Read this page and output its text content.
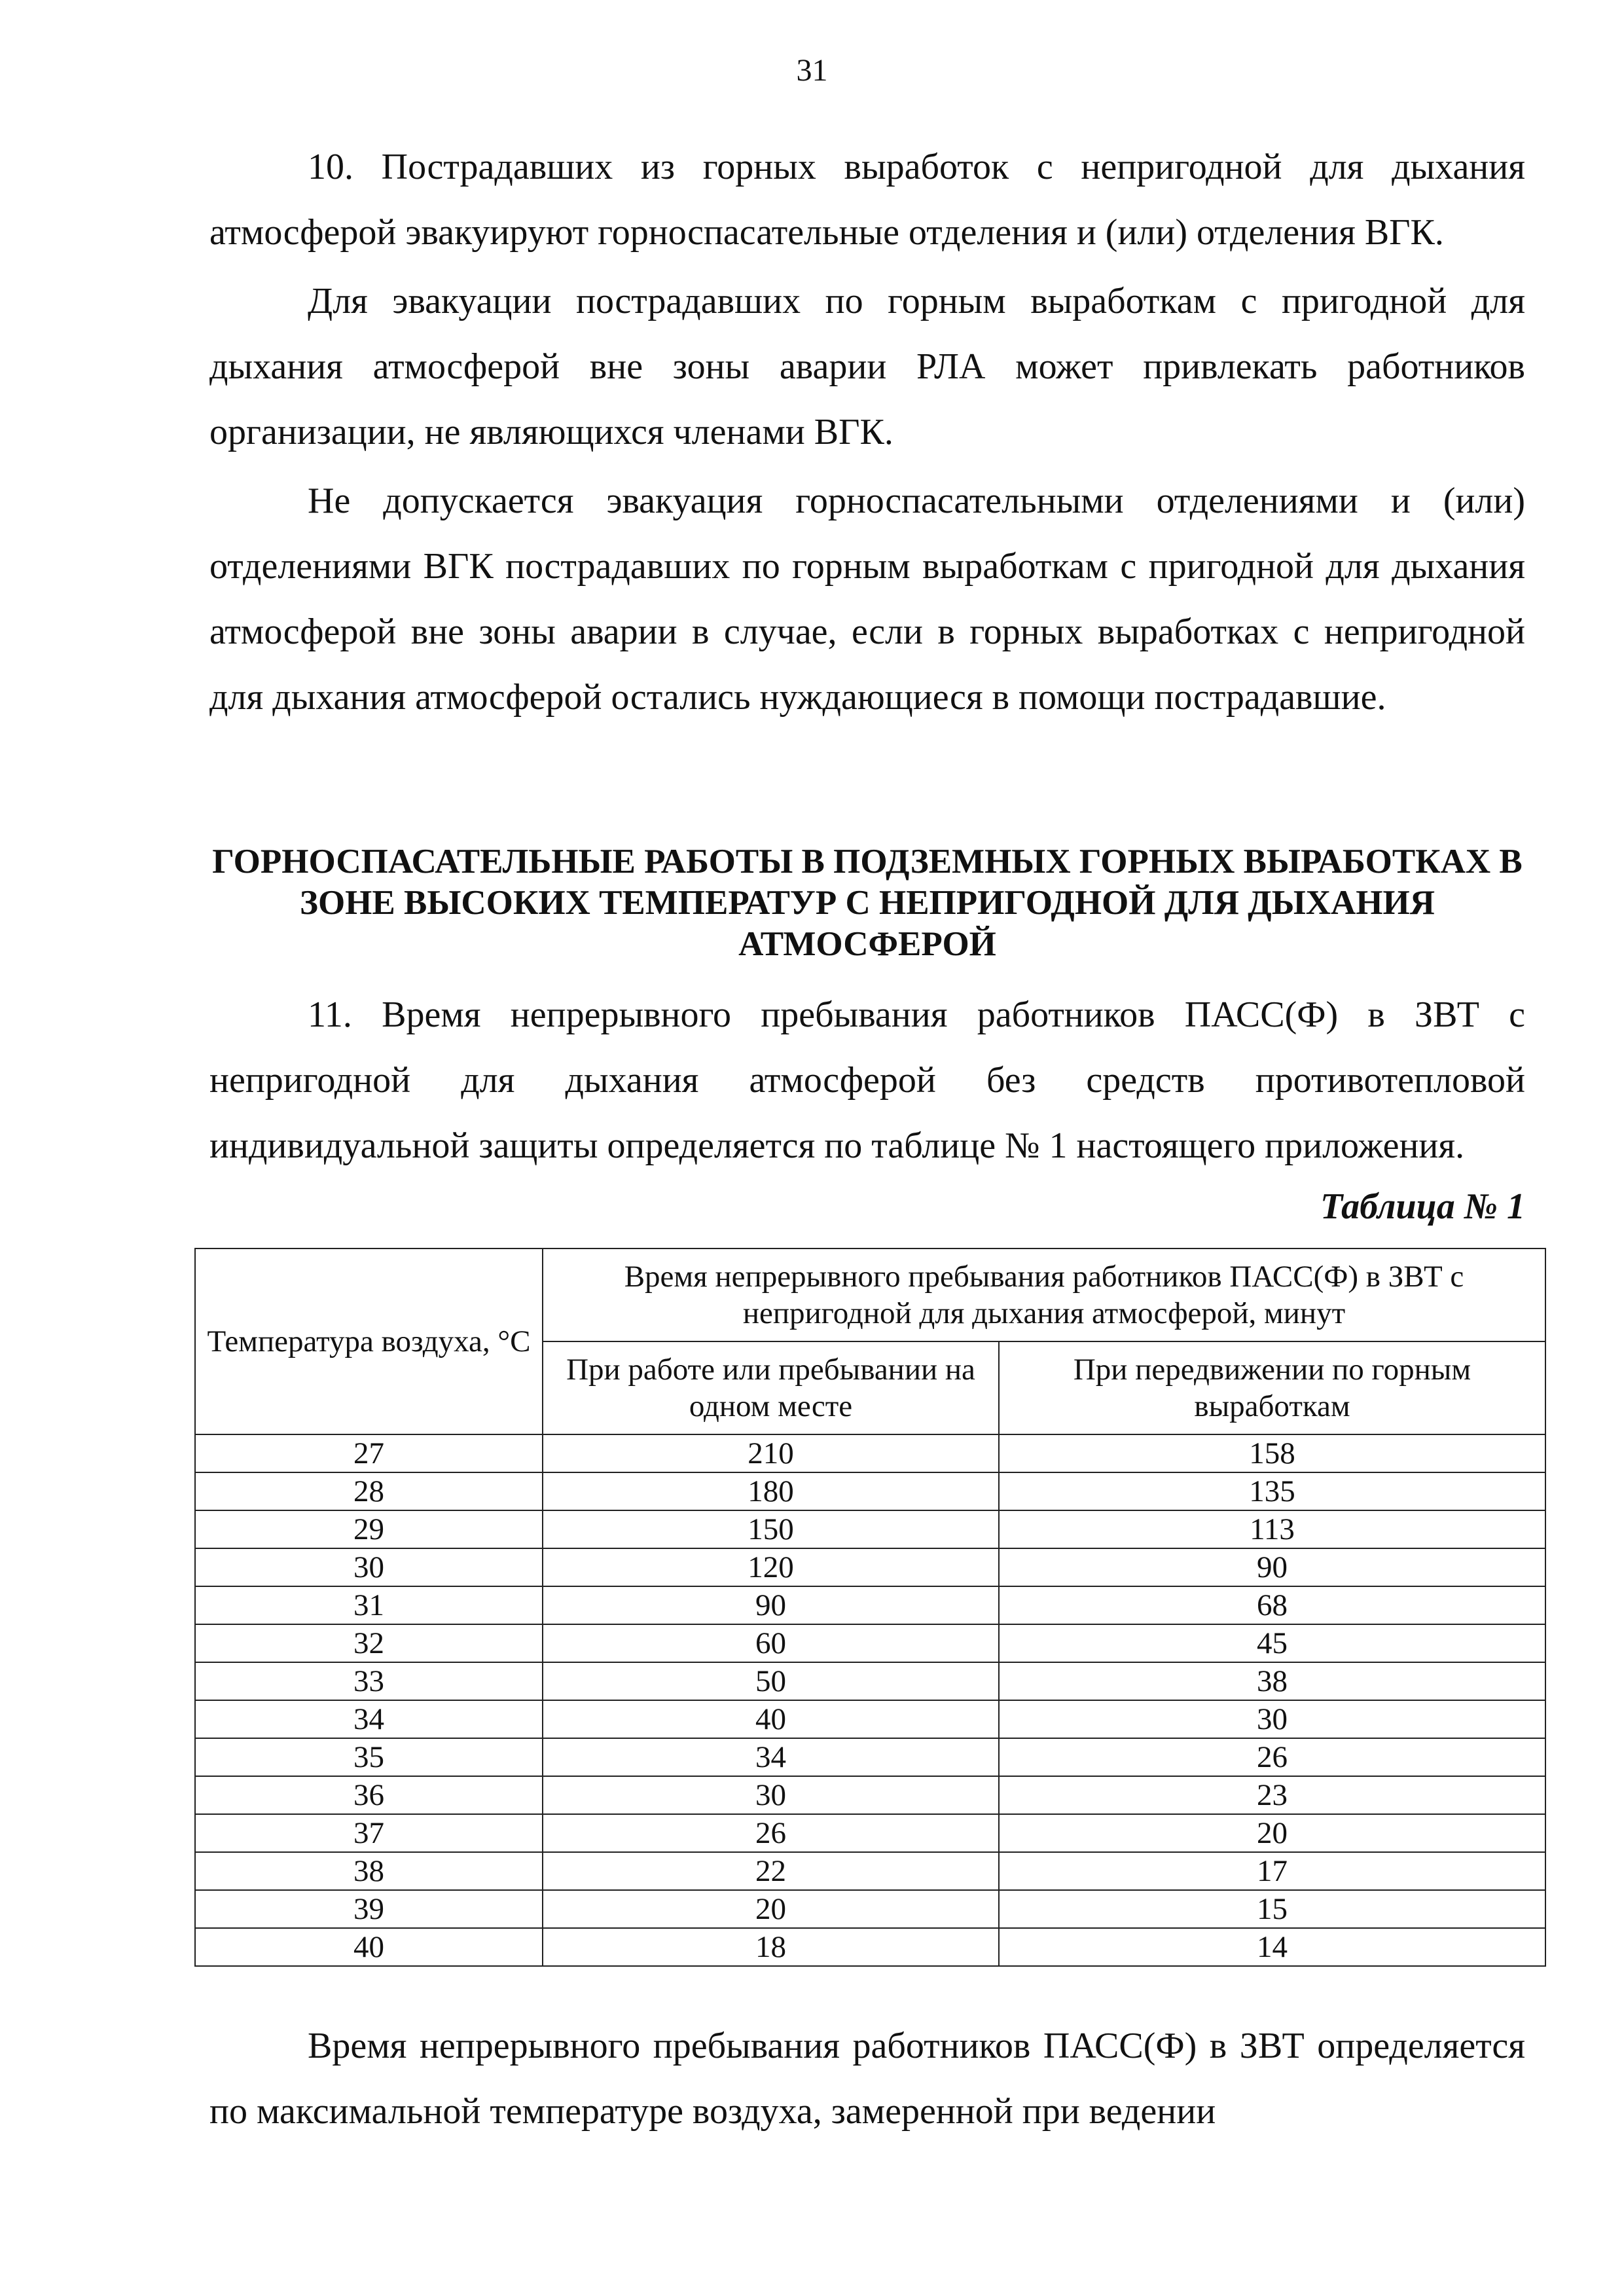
31

10. Пострадавших из горных выработок с непригодной для дыхания атмосферой эвакуируют горноспасательные отделения и (или) отделения ВГК.

Для эвакуации пострадавших по горным выработкам с пригодной для дыхания атмосферой вне зоны аварии РЛА может привлекать работников организации, не являющихся членами ВГК.

Не допускается эвакуация горноспасательными отделениями и (или) отделениями ВГК пострадавших по горным выработкам с пригодной для дыхания атмосферой вне зоны аварии в случае, если в горных выработках с непригодной для дыхания атмосферой остались нуждающиеся в помощи пострадавшие.

ГОРНОСПАСАТЕЛЬНЫЕ РАБОТЫ В ПОДЗЕМНЫХ ГОРНЫХ ВЫРАБОТКАХ В ЗОНЕ ВЫСОКИХ ТЕМПЕРАТУР С НЕПРИГОДНОЙ ДЛЯ ДЫХАНИЯ АТМОСФЕРОЙ

11. Время непрерывного пребывания работников ПАСС(Ф) в ЗВТ с непригодной для дыхания атмосферой без средств противотепловой индивидуальной защиты определяется по таблице № 1 настоящего приложения.

Таблица № 1
Температура воздуха, °С	Время непрерывного пребывания работников ПАСС(Ф) в ЗВТ с непригодной для дыхания атмосферой, минут	
	При работе или пребывании на одном месте	При передвижении по горным выработкам
27	210	158
28	180	135
29	150	113
30	120	90
31	90	68
32	60	45
33	50	38
34	40	30
35	34	26
36	30	23
37	26	20
38	22	17
39	20	15
40	18	14

Время непрерывного пребывания работников ПАСС(Ф) в ЗВТ определяется по максимальной температуре воздуха, замеренной при ведении
